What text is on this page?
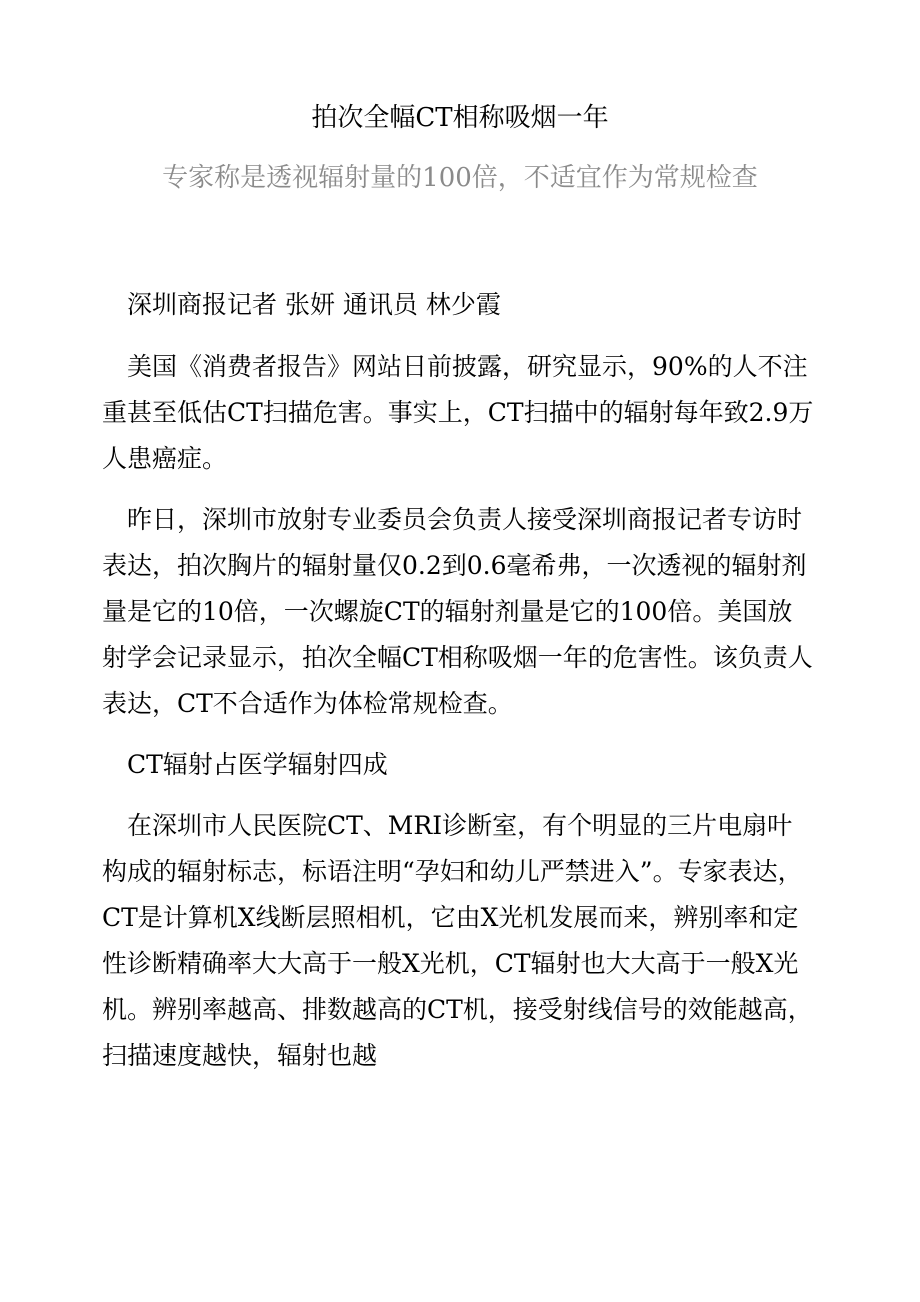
拍次全幅CT相称吸烟一年
专家称是透视辐射量的100倍，不适宜作为常规检查

深圳商报记者 张妍 通讯员 林少霞

美国《消费者报告》网站日前披露，研究显示，90%的人不注重甚至低估CT扫描危害。事实上，CT扫描中的辐射每年致2.9万人患癌症。

昨日，深圳市放射专业委员会负责人接受深圳商报记者专访时表达，拍次胸片的辐射量仅0.2到0.6毫希弗，一次透视的辐射剂量是它的10倍，一次螺旋CT的辐射剂量是它的100倍。美国放射学会记录显示，拍次全幅CT相称吸烟一年的危害性。该负责人表达，CT不合适作为体检常规检查。

CT辐射占医学辐射四成

在深圳市人民医院CT、MRI诊断室，有个明显的三片电扇叶构成的辐射标志，标语注明“孕妇和幼儿严禁进入”。专家表达，CT是计算机X线断层照相机，它由X光机发展而来，辨别率和定性诊断精确率大大高于一般X光机，CT辐射也大大高于一般X光机。辨别率越高、排数越高的CT机，接受射线信号的效能越高，扫描速度越快，辐射也越
